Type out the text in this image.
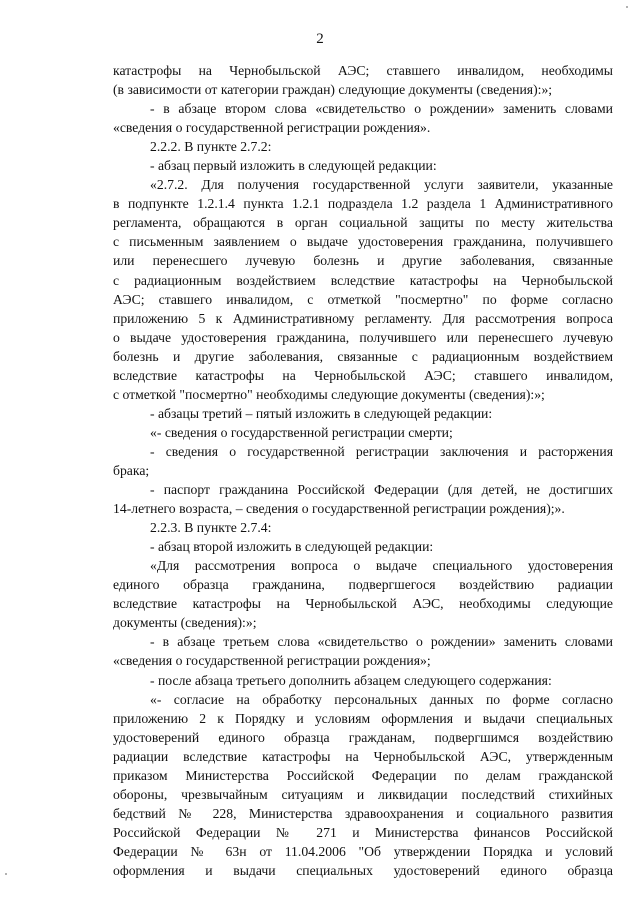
2
катастрофы на Чернобыльской АЭС; ставшего инвалидом, необходимы
(в зависимости от категории граждан) следующие документы (сведения):»;
- в абзаце втором слова «свидетельство о рождении» заменить словами
«сведения о государственной регистрации рождения».
2.2.2. В пункте 2.7.2:
- абзац первый изложить в следующей редакции:
«2.7.2. Для получения государственной услуги заявители, указанные
в подпункте 1.2.1.4 пункта 1.2.1 подраздела 1.2 раздела 1 Административного
регламента, обращаются в орган социальной защиты по месту жительства
с письменным заявлением о выдаче удостоверения гражданина, получившего
или перенесшего лучевую болезнь и другие заболевания, связанные
с радиационным воздействием вследствие катастрофы на Чернобыльской
АЭС; ставшего инвалидом, с отметкой "посмертно" по форме согласно
приложению 5 к Административному регламенту. Для рассмотрения вопроса
о выдаче удостоверения гражданина, получившего или перенесшего лучевую
болезнь и другие заболевания, связанные с радиационным воздействием
вследствие катастрофы на Чернобыльской АЭС; ставшего инвалидом,
с отметкой "посмертно" необходимы следующие документы (сведения):»;
- абзацы третий – пятый изложить в следующей редакции:
«- сведения о государственной регистрации смерти;
- сведения о государственной регистрации заключения и расторжения
брака;
- паспорт гражданина Российской Федерации (для детей, не достигших
14-летнего возраста, – сведения о государственной регистрации рождения);».
2.2.3. В пункте 2.7.4:
- абзац второй изложить в следующей редакции:
«Для рассмотрения вопроса о выдаче специального удостоверения
единого образца гражданина, подвергшегося воздействию радиации
вследствие катастрофы на Чернобыльской АЭС, необходимы следующие
документы (сведения):»;
- в абзаце третьем слова «свидетельство о рождении» заменить словами
«сведения о государственной регистрации рождения»;
- после абзаца третьего дополнить абзацем следующего содержания:
«- согласие на обработку персональных данных по форме согласно
приложению 2 к Порядку и условиям оформления и выдачи специальных
удостоверений единого образца гражданам, подвергшимся воздействию
радиации вследствие катастрофы на Чернобыльской АЭС, утвержденным
приказом Министерства Российской Федерации по делам гражданской
обороны, чрезвычайным ситуациям и ликвидации последствий стихийных
бедствий № 228, Министерства здравоохранения и социального развития
Российской Федерации № 271 и Министерства финансов Российской
Федерации № 63н от 11.04.2006 "Об утверждении Порядка и условий
оформления и выдачи специальных удостоверений единого образца
